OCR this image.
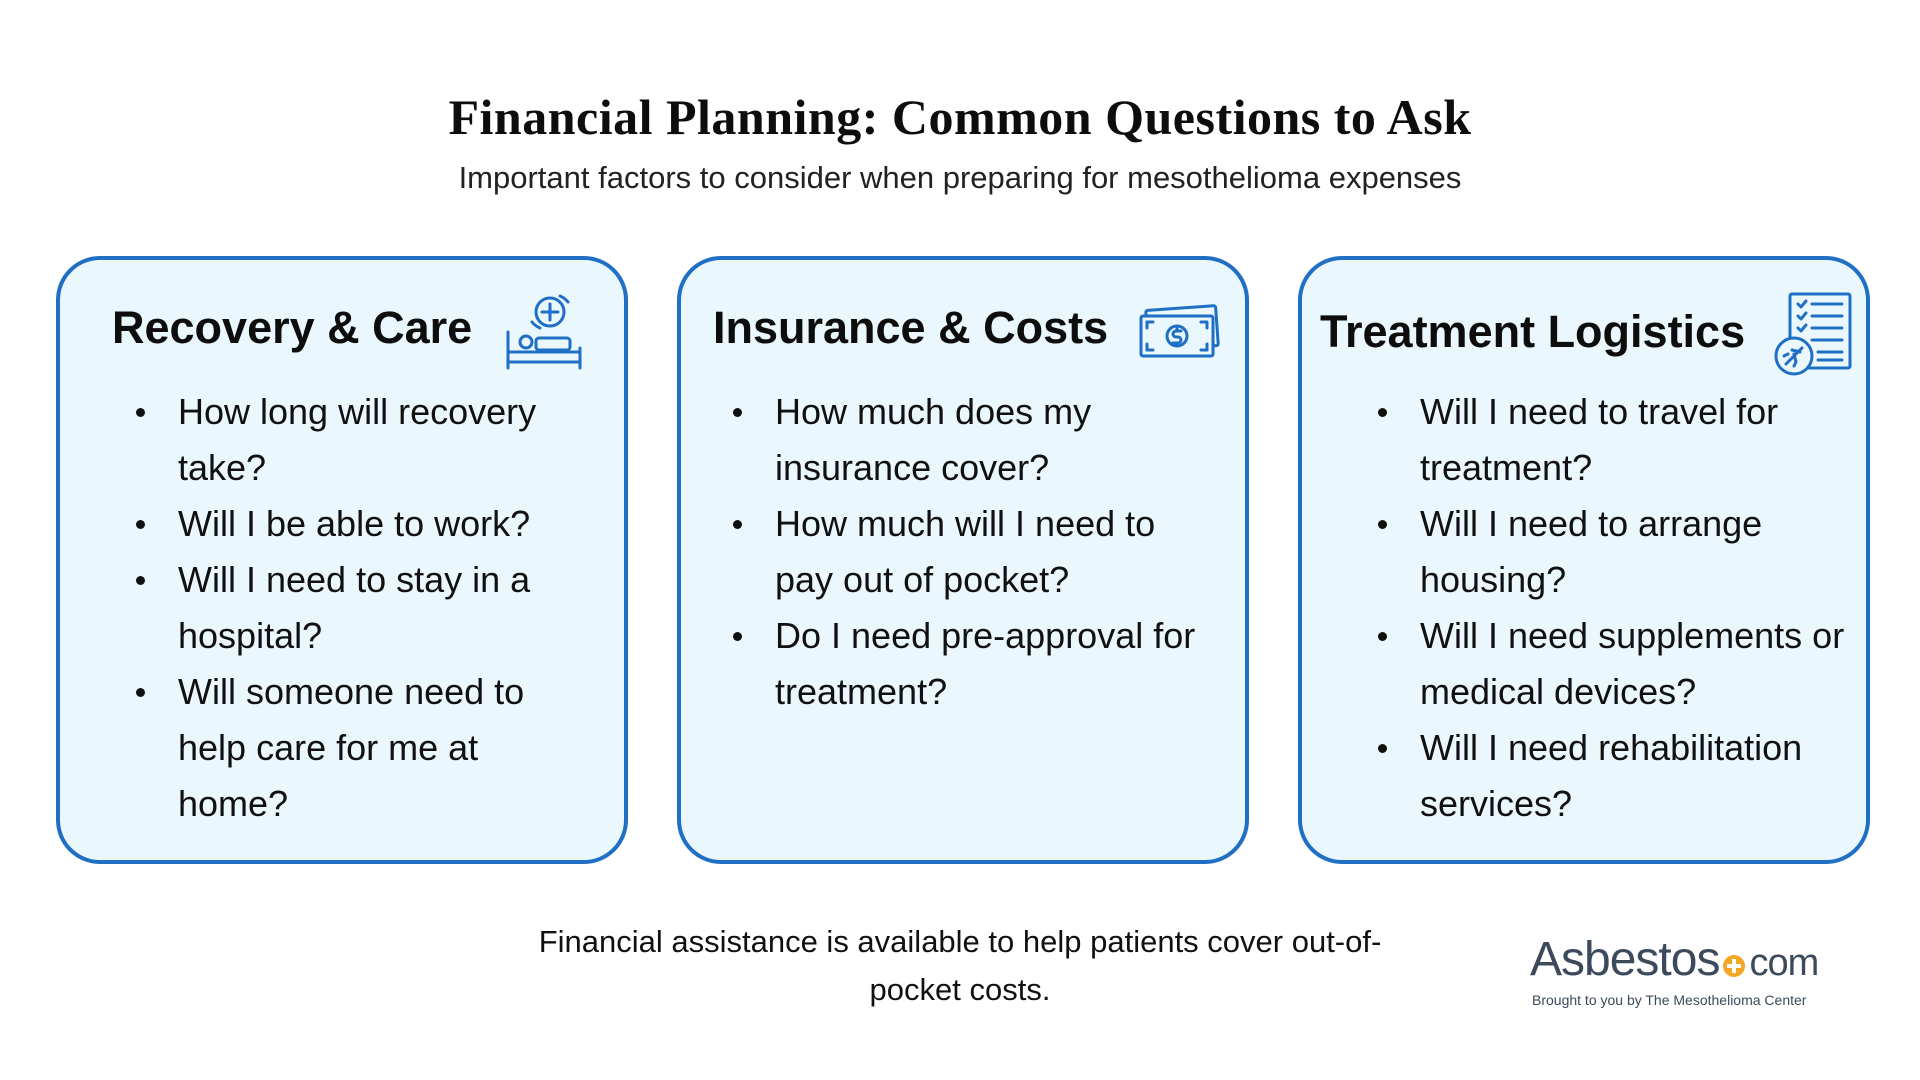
Financial Planning: Common Questions to Ask
Important factors to consider when preparing for mesothelioma expenses
Recovery & Care
How long will recovery take?
Will I be able to work?
Will I need to stay in a hospital?
Will someone need to help care for me at home?
Insurance & Costs
How much does my insurance cover?
How much will I need to pay out of pocket?
Do I need pre-approval for treatment?
Treatment Logistics
Will I need to travel for treatment?
Will I need to arrange housing?
Will I need supplements or medical devices?
Will I need rehabilitation services?
Financial assistance is available to help patients cover out-of-pocket costs.
Asbestos com
Brought to you by The Mesothelioma Center
